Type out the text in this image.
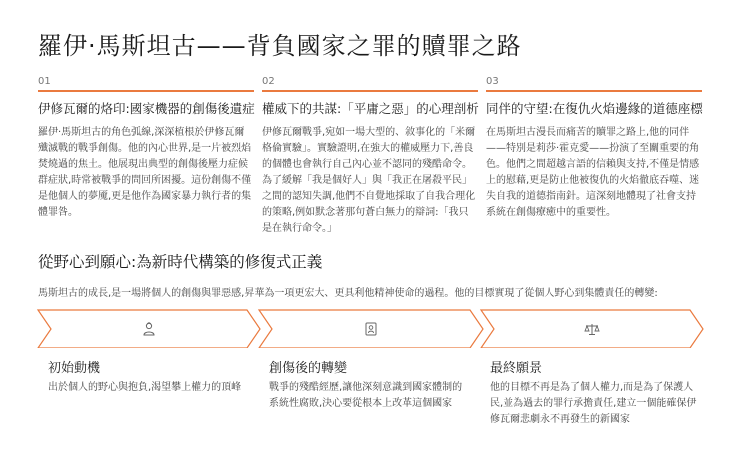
羅伊·馬斯坦古——背負國家之罪的贖罪之路
01
伊修瓦爾的烙印:國家機器的創傷後遺症
羅伊·馬斯坦古的角色弧線,深深植根於伊修瓦爾殲滅戰的戰爭創傷。他的內心世界,是一片被烈焰焚燒過的焦土。他展現出典型的創傷後壓力症候群症狀,時常被戰爭的問回所困擾。這份創傷不僅是他個人的夢魇,更是他作為國家暴力執行者的集體罪咎。
02
權威下的共謀:「平庸之惡」的心理剖析
伊修瓦爾戰爭,宛如一場大型的、敘事化的「米爾格倫實驗」。實驗證明,在強大的權威壓力下,善良的個體也會執行自己內心並不認同的殘酷命令。為了緩解「我是個好人」與「我正在屠殺平民」之間的認知失調,他們不自覺地採取了自我合理化的策略,例如默念著那句蒼白無力的辯詞:「我只是在執行命令。」
03
同伴的守望:在復仇火焰邊緣的道德座標
在馬斯坦古漫長而痛苦的贖罪之路上,他的同伴——特別是莉莎·霍克愛——扮演了至關重要的角色。他們之間超越言語的信賴與支持,不僅是情感上的慰藉,更是防止他被復仇的火焰徹底吞噬、迷失自我的道德指南針。這深刻地體現了社會支持系統在創傷療癒中的重要性。
從野心到願心:為新時代構築的修復式正義
馬斯坦古的成長,是一場將個人的創傷與罪惡感,昇華為一項更宏大、更具利他精神使命的過程。他的目標實現了從個人野心到集體責任的轉變:
初始動機
出於個人的野心與抱負,渴望攀上權力的頂峰
創傷後的轉變
戰爭的殘酷經歷,讓他深刻意識到國家體制的系統性腐敗,決心要從根本上改革這個國家
最終願景
他的目標不再是為了個人權力,而是為了保護人民,並為過去的罪行承擔責任,建立一個能確保伊修瓦爾悲劇永不再發生的新國家
